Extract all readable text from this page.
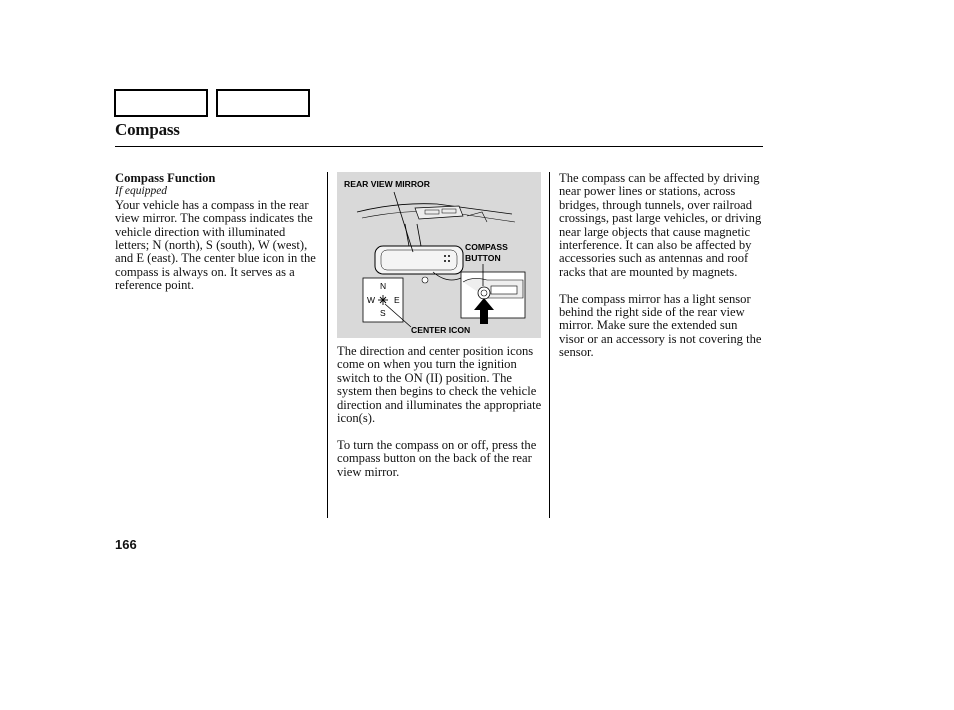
Compass

Compass Function

If equipped

Your vehicle has a compass in the rear view mirror. The compass indicates the vehicle direction with illuminated letters; N (north), S (south), W (west), and E (east). The center blue icon in the compass is always on. It serves as a reference point.

REAR VIEW MIRROR
COMPASS
BUTTON
CENTER ICON
N
W E
S

The direction and center position icons come on when you turn the ignition switch to the ON (II) position. The system then begins to check the vehicle direction and illuminates the appropriate icon(s).

To turn the compass on or off, press the compass button on the back of the rear view mirror.

The compass can be affected by driving near power lines or stations, across bridges, through tunnels, over railroad crossings, past large vehicles, or driving near large objects that cause magnetic interference. It can also be affected by accessories such as antennas and roof racks that are mounted by magnets.

The compass mirror has a light sensor behind the right side of the rear view mirror. Make sure the extended sun visor or an accessory is not covering the sensor.

166
